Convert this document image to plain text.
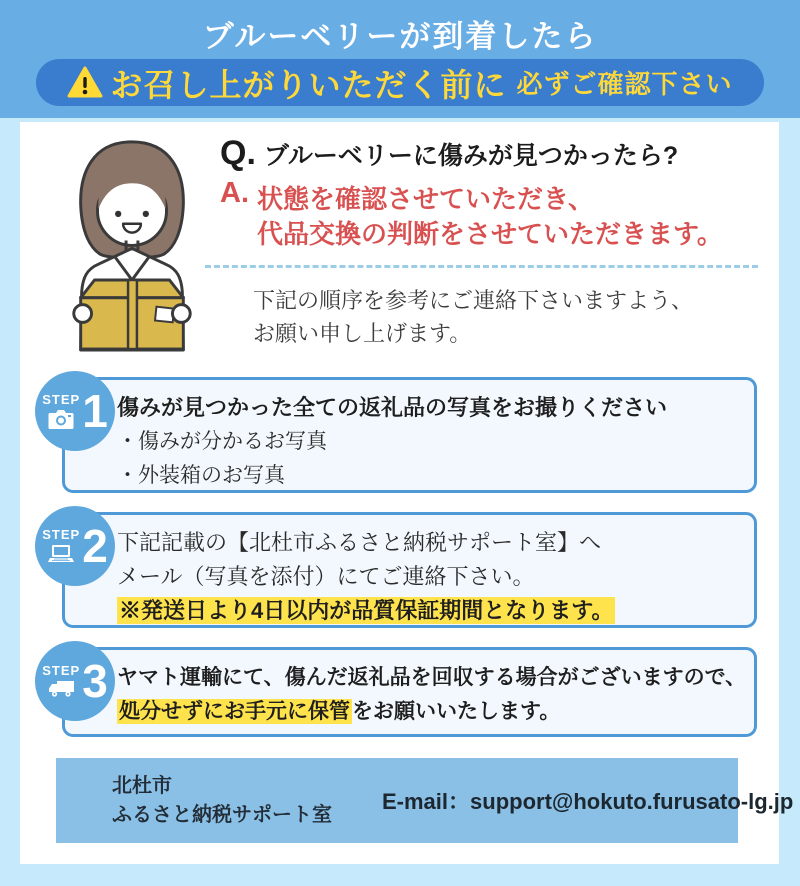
ブルーベリーが到着したら
お召し上がりいただく前に 必ずご確認下さい
Q. ブルーベリーに傷みが見つかったら?
A. 状態を確認させていただき、
代品交換の判断をさせていただきます。
下記の順序を参考にご連絡下さいますよう、
お願い申し上げます。
STEP 1 傷みが見つかった全ての返礼品の写真をお撮りください
・傷みが分かるお写真
・外装箱のお写真
STEP 2 下記記載の【北杜市ふるさと納税サポート室】へ
メール（写真を添付）にてご連絡下さい。
※発送日より4日以内が品質保証期間となります。
STEP 3 ヤマト運輸にて、傷んだ返礼品を回収する場合がございますので、
処分せずにお手元に保管をお願いいたします。
北杜市
ふるさと納税サポート室
E-mail：support@hokuto.furusato-lg.jp
